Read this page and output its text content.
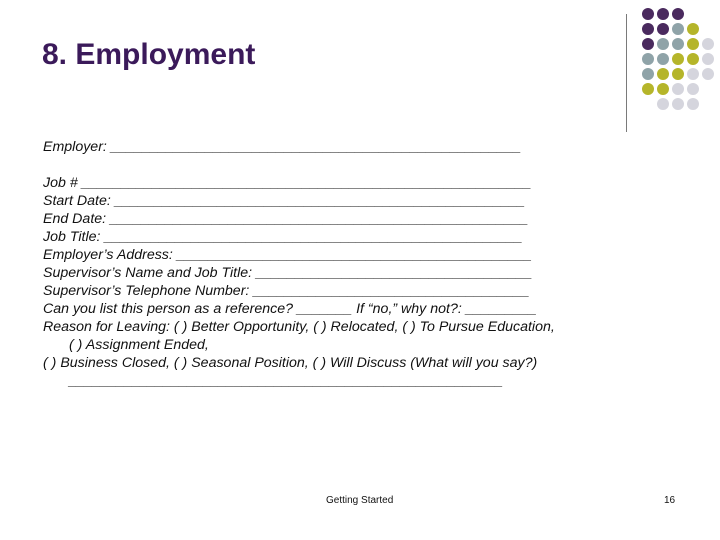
8. Employment
Employer: ____________________________________________________
Job # _________________________________________________________
Start Date: ____________________________________________________
End Date: _____________________________________________________
Job Title: _____________________________________________________
Employer’s Address: _____________________________________________
Supervisor’s Name and Job Title: ___________________________________
Supervisor’s Telephone Number: ___________________________________
Can you list this person as a reference? _______ If “no,” why not?: _________
Reason for Leaving: ( ) Better Opportunity, ( ) Relocated, ( ) To Pursue Education,
( ) Assignment Ended,
( ) Business Closed, ( ) Seasonal Position, ( ) Will Discuss (What will you say?)
_______________________________________________________
Getting Started	16
